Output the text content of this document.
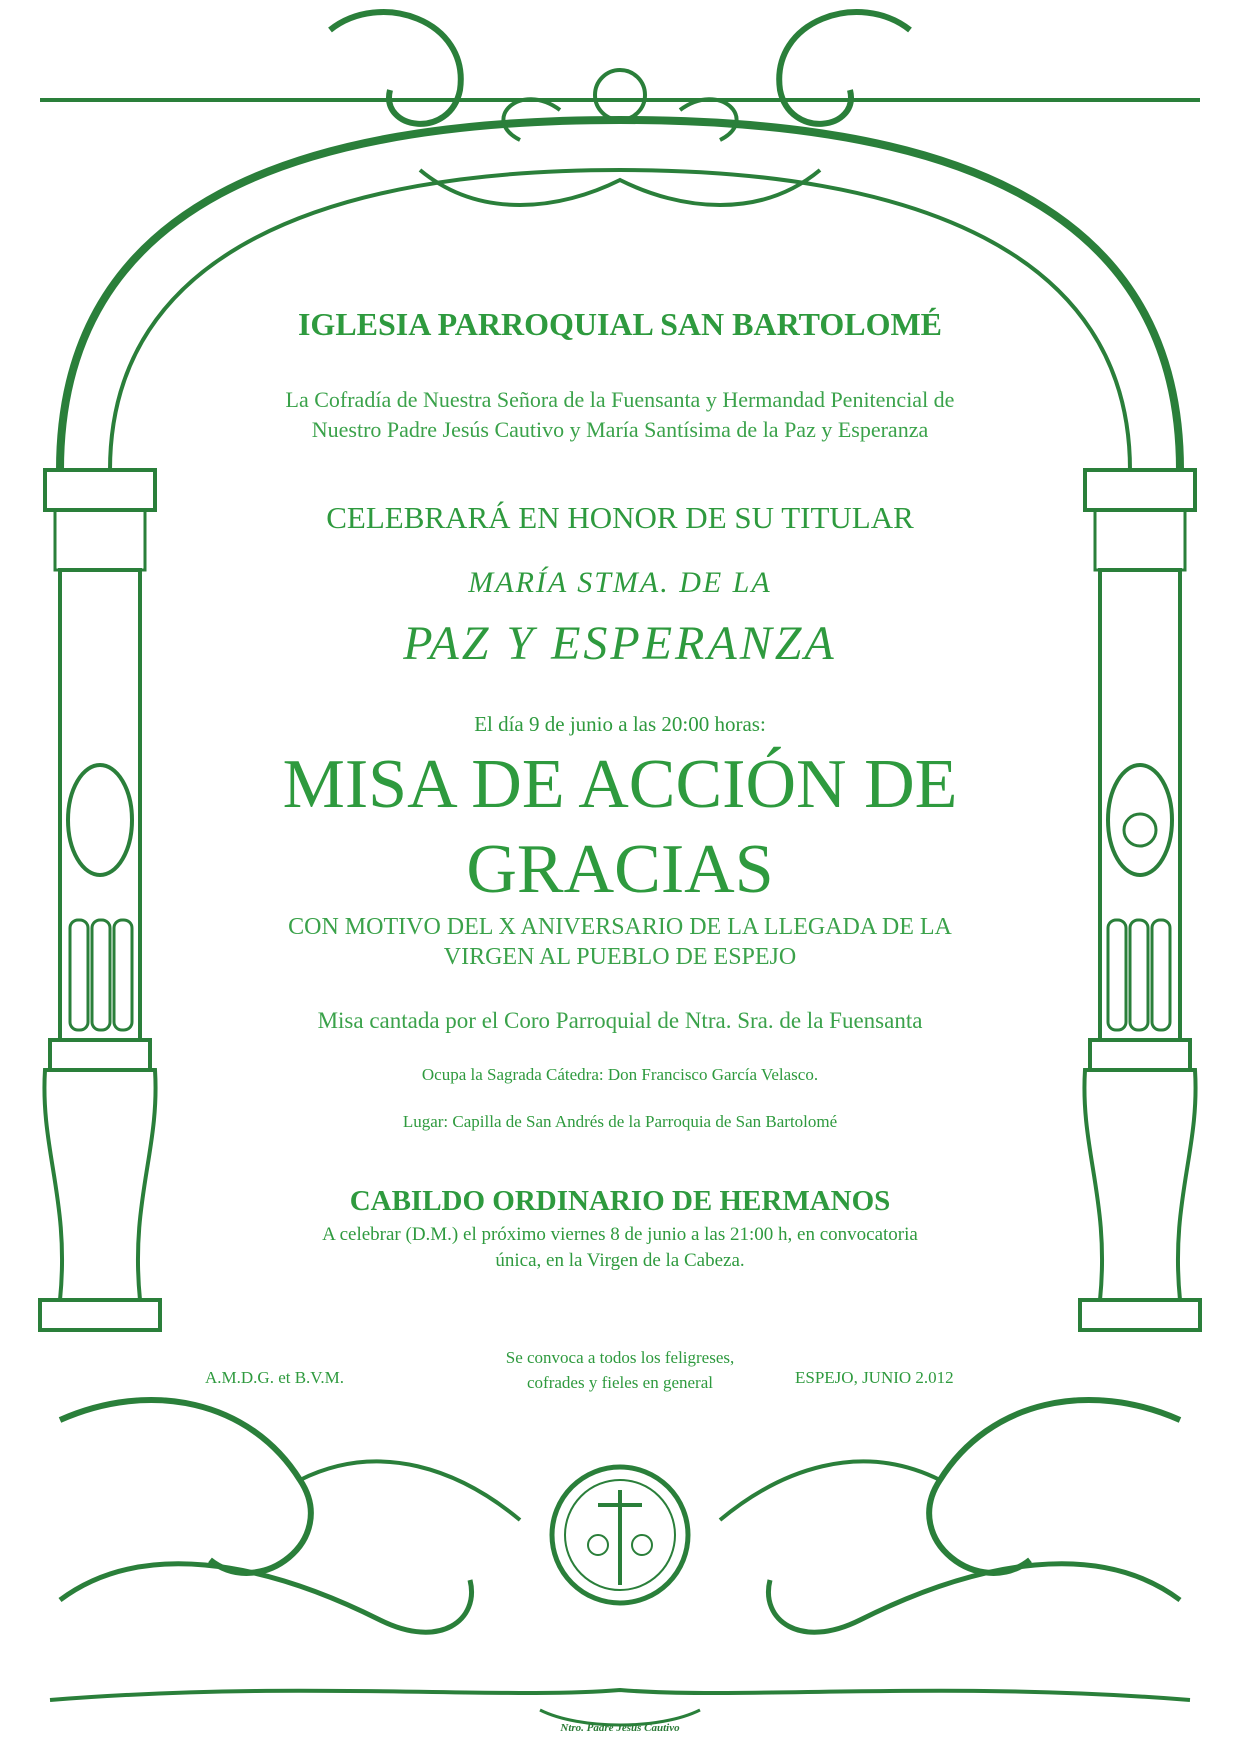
IGLESIA PARROQUIAL SAN BARTOLOMÉ
La Cofradía de Nuestra Señora de la Fuensanta y Hermandad Penitencial de
Nuestro Padre Jesús Cautivo y María Santísima de la Paz y Esperanza
CELEBRARÁ EN HONOR DE SU TITULAR
MARÍA STMA. DE LA
PAZ Y ESPERANZA
El día 9 de junio a las 20:00 horas:
MISA DE ACCIÓN DE
GRACIAS
CON MOTIVO DEL X ANIVERSARIO DE LA LLEGADA DE LA
VIRGEN AL PUEBLO DE ESPEJO
Misa cantada por el Coro Parroquial de Ntra. Sra. de la Fuensanta
Ocupa la Sagrada Cátedra: Don Francisco García Velasco.
Lugar: Capilla de San Andrés de la Parroquia de San Bartolomé
CABILDO ORDINARIO DE HERMANOS
A celebrar (D.M.) el próximo viernes 8 de junio a las 21:00 h, en convocatoria
única, en la Virgen de la Cabeza.
A.M.D.G. et B.V.M.
Se convoca a todos los feligreses,
cofrades y fieles en general	ESPEJO, JUNIO 2.012
Ntro. Padre Jesús Cautivo
